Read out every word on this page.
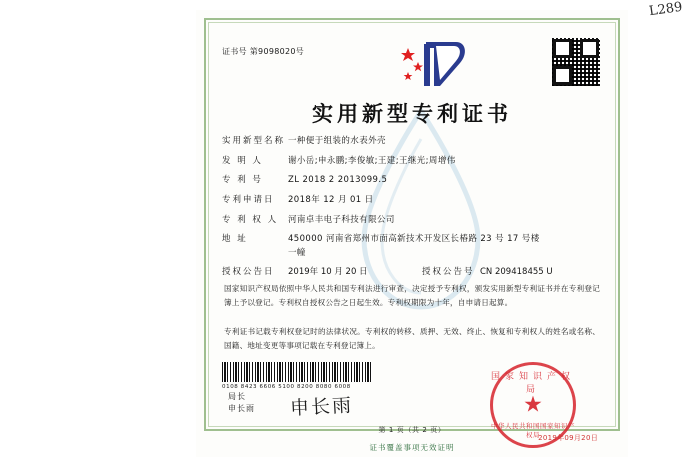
L289
证书号 第9098020号
实用新型专利证书
实用新型名称 一种便于组装的水表外壳
发 明 人	谢小岳;申永鹏;李俊敏;王建;王继光;周增伟
专 利 号	ZL 2018 2 2013099.5
专利申请日	2018年 12 月 01 日
专 利 权 人	河南卓丰电子科技有限公司
地 址	450000 河南省郑州市面高新技术开发区长椿路 23 号 17 号楼
一幢
授权公告日	2019年 10 月 20 日	授权公告号 CN 209418455 U
国家知识产权局依照中华人民共和国专利法进行审查，决定授予专利权，颁发实用新型专利证书并在专利登记簿上予以登记。专利权自授权公告之日起生效。专利权期限为十年，自申请日起算。
专利证书记载专利权登记时的法律状况。专利权的转移、质押、无效、终止、恢复和专利权人的姓名或名称、国籍、地址变更等事项记载在专利登记簿上。
0108 8423 6606 5100 8200 8080 6008
局长
申长雨 申长雨
国家知识产权局
★
中华人民共和国国家知识产权局
2019年09月20日
第 1 页（共 2 页）
证书覆盖事项无效证明
